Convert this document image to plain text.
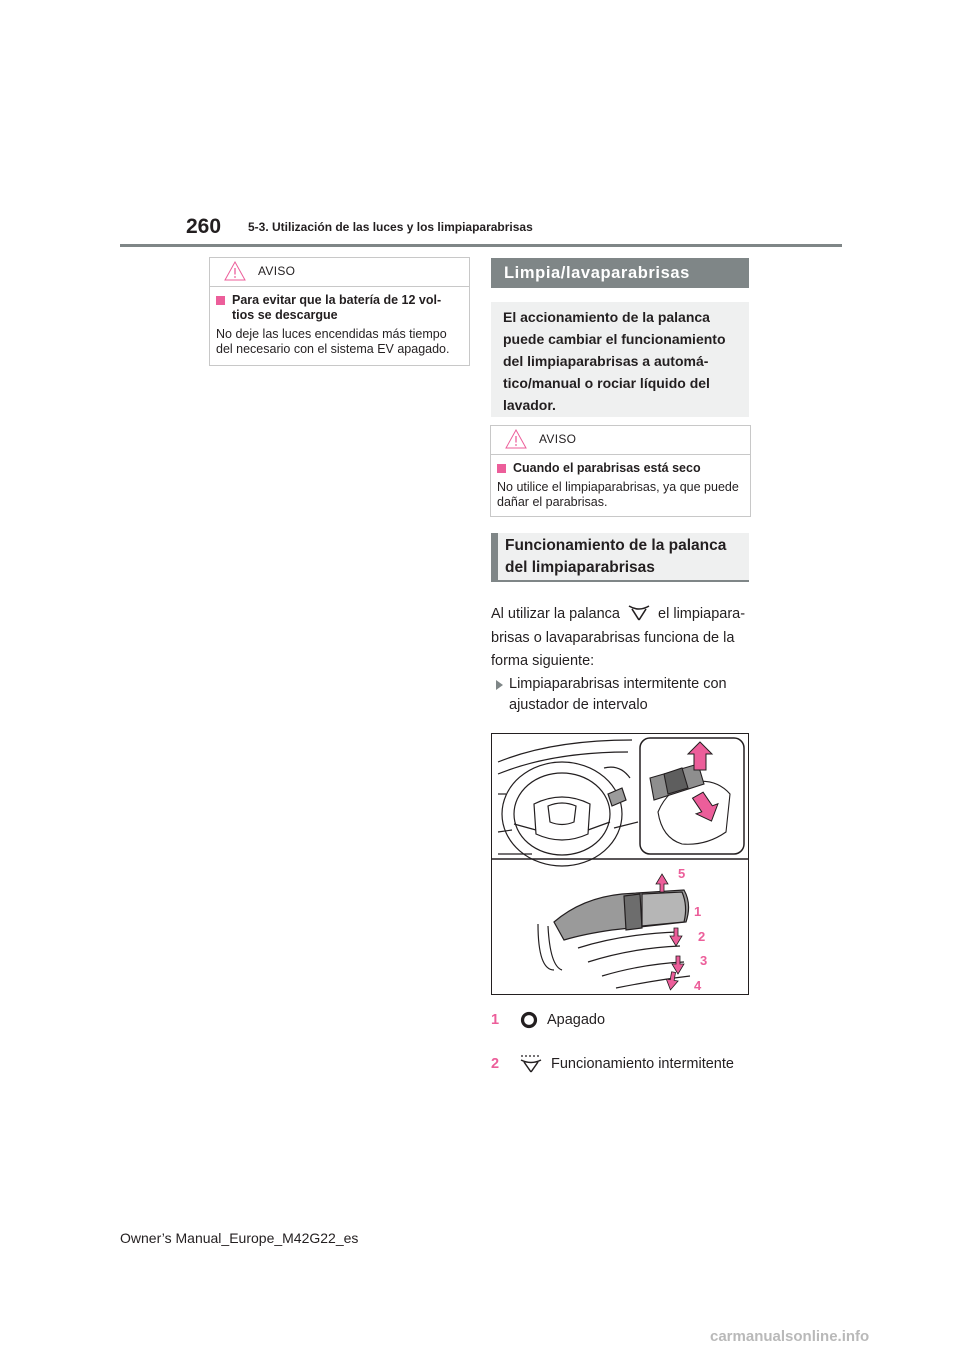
260 5-3. Utilización de las luces y los limpiaparabrisas
AVISO
Para evitar que la batería de 12 vol-tios se descargue
No deje las luces encendidas más tiempo del necesario con el sistema EV apagado.
Limpia/lavaparabrisas
El accionamiento de la palanca puede cambiar el funcionamiento del limpiaparabrisas a automá-tico/manual o rociar líquido del lavador.
AVISO
Cuando el parabrisas está seco
No utilice el limpiaparabrisas, ya que puede dañar el parabrisas.
Funcionamiento de la palanca del limpiaparabrisas
Al utilizar la palanca	el limpiapara-brisas o lavaparabrisas funciona de la forma siguiente:
Limpiaparabrisas intermitente con ajustador de intervalo
5
1
2
3
4
1	Apagado
2	Funcionamiento intermitente
Owner’s Manual_Europe_M42G22_es
carmanualsonline.info
